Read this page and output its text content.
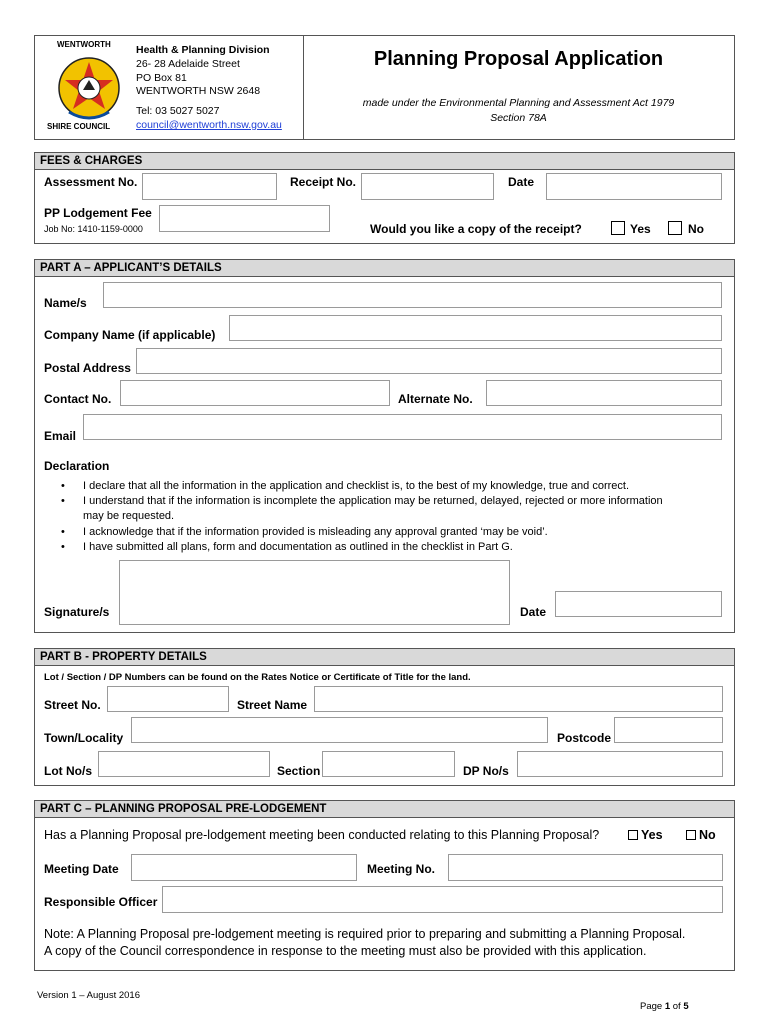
WENTWORTH
SHIRE COUNCIL
Health & Planning Division
26- 28 Adelaide Street
PO Box 81
WENTWORTH NSW 2648
Tel: 03 5027 5027
council@wentworth.nsw.gov.au
Planning Proposal Application
made under the Environmental Planning and Assessment Act 1979
Section 78A
FEES & CHARGES
Assessment No.	Receipt No.	Date
PP Lodgement Fee
Job No: 1410-1159-0000	Would you like a copy of the receipt?	Yes	No
PART A – APPLICANT’S DETAILS
Name/s
Company Name (if applicable)
Postal Address
Contact No.	Alternate No.
Email
Declaration
• I declare that all the information in the application and checklist is, to the best of my knowledge, true and correct.
• I understand that if the information is incomplete the application may be returned, delayed, rejected or more information
may be requested.
• I acknowledge that if the information provided is misleading any approval granted ‘may be void’.
• I have submitted all plans, form and documentation as outlined in the checklist in Part G.
Signature/s	Date
PART B - PROPERTY DETAILS
Lot / Section / DP Numbers can be found on the Rates Notice or Certificate of Title for the land.
Street No.	Street Name
Town/Locality	Postcode
Lot No/s	Section	DP No/s
PART C – PLANNING PROPOSAL PRE-LODGEMENT
Has a Planning Proposal pre-lodgement meeting been conducted relating to this Planning Proposal?	Yes	No
Meeting Date	Meeting No.
Responsible Officer
Note: A Planning Proposal pre-lodgement meeting is required prior to preparing and submitting a Planning Proposal.
A copy of the Council correspondence in response to the meeting must also be provided with this application.
Version 1 – August 2016
Page 1 of 5
